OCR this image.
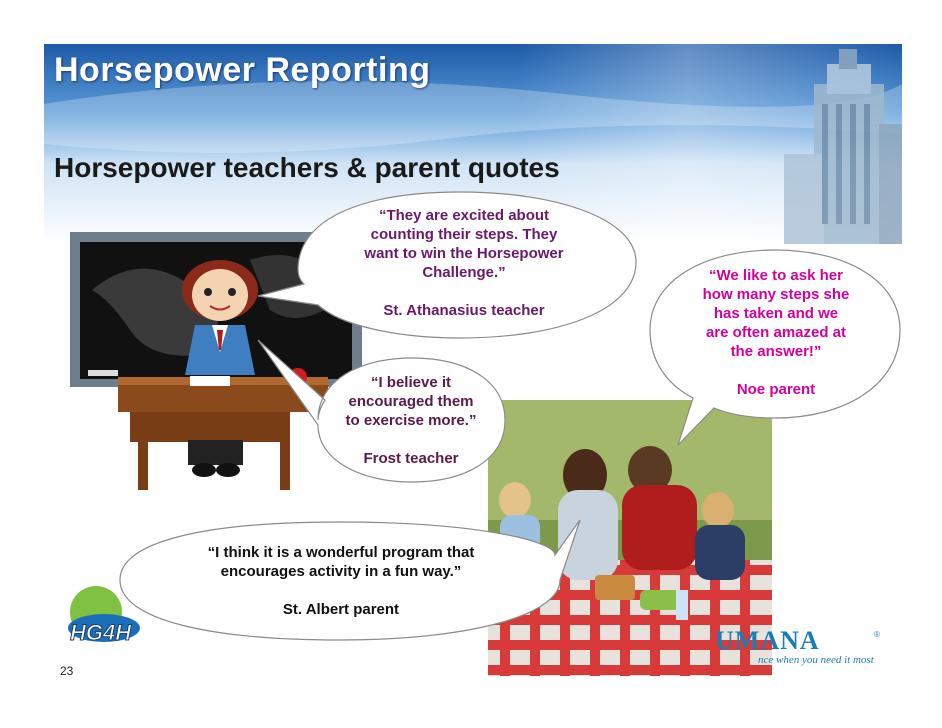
Horsepower Reporting
Horsepower teachers & parent quotes
HG4H

“They are excited about

counting their steps. They

want to win the Horsepower

Challenge.”

St. Athanasius teacher

“We like to ask her

how many steps she

has taken and we

are often amazed at

the answer!”

Noe parent

“I believe it

encouraged them

to exercise more.”

Frost teacher

“I think it is a wonderful program that

encourages activity in a fun way.”

St. Albert parent

UMANA	®
nce when you need it most
23
